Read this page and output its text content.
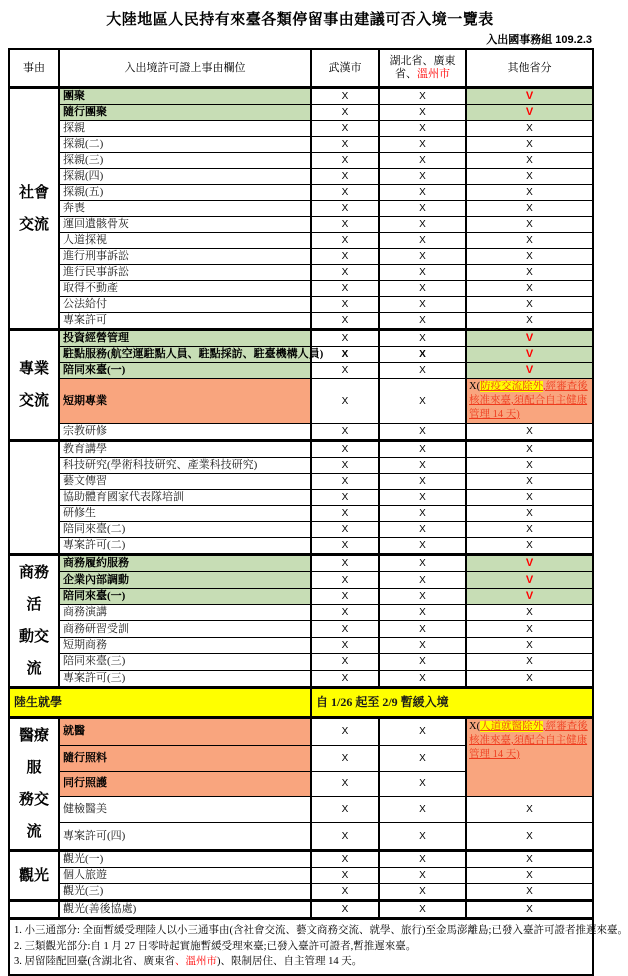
大陸地區人民持有來臺各類停留事由建議可否入境一覽表
入出國事務組 109.2.3
事由	入出境許可證上事由欄位	武漢市	湖北省、廣東省、溫州市	其他省分
社會
交流	團聚	X	X	V
	隨行團聚	X	X	V
	探親	X	X	X
	探親(二)	X	X	X
	探親(三)	X	X	X
	探親(四)	X	X	X
	探親(五)	X	X	X
	奔喪	X	X	X
	運回遺骸骨灰	X	X	X
	人道探視	X	X	X
	進行刑事訴訟	X	X	X
	進行民事訴訟	X	X	X
	取得不動產	X	X	X
	公法給付	X	X	X
	專案許可	X	X	X
專業
交流	投資經營管理	X	X	V
	駐點服務(航空運駐點人員、駐點採訪、駐臺機構人員)	X	X	V
	陪同來臺(一)	X	X	V
	短期專業	X	X	X(防疫交流除外,經審查後核准來臺,須配合自主健康管理 14 天)
	宗教研修	X	X	X
	教育講學	X	X	X
	科技研究(學術科技研究、產業科技研究)	X	X	X
	藝文傳習	X	X	X
	協助體育國家代表隊培訓	X	X	X
	研修生	X	X	X
	陪同來臺(二)	X	X	X
	專案許可(二)	X	X	X
商務活
動交流	商務履約服務	X	X	V
	企業內部調動	X	X	V
	陪同來臺(一)	X	X	V
	商務演講	X	X	X
	商務研習受訓	X	X	X
	短期商務	X	X	X
	陪同來臺(三)	X	X	X
	專案許可(三)	X	X	X
陸生就學		自 1/26 起至 2/9 暫緩入境		
醫療服
務交流	就醫	X	X	X(人道就醫除外,經審查後核准來臺,須配合自主健康管理 14 天)
	隨行照料	X	X	
	同行照護	X	X	
	健檢醫美	X	X	X
	專案許可(四)	X	X	X
觀光	觀光(一)	X	X	X
	個人旅遊	X	X	X
	觀光(三)	X	X	X
	觀光(善後協處)	X	X	X

1. 小三通部分: 全面暫緩受理陸人以小三通事由(含社會交流、藝文商務交流、就學、旅行)至金馬澎離島;已發入臺許可證者推遲來臺。
2. 三類觀光部分:自 1 月 27 日零時起實施暫緩受理來臺;已發入臺許可證者,暫推遲來臺。
3. 居留陸配回臺(含湖北省、廣東省、溫州市)、限制居住、自主管理 14 天。				
